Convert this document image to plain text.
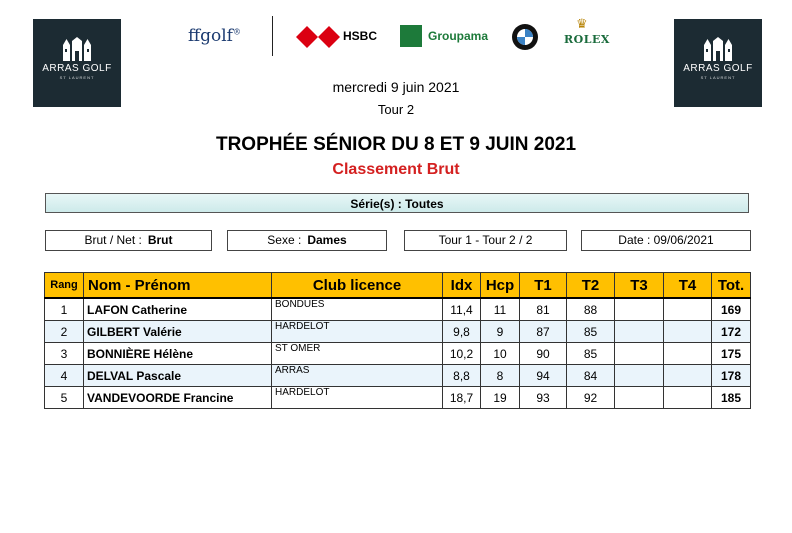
ARRAS GOLF
ST LAURENT
ARRAS GOLF
ST LAURENT
ffgolf®	HSBC	Groupama
♛
ROLEX
mercredi 9 juin 2021
Tour 2
TROPHÉE SÉNIOR DU 8 ET 9 JUIN 2021
Classement Brut
Série(s) : Toutes
Brut / Net : Brut	Sexe : Dames	Tour 1 - Tour 2 / 2	Date : 09/06/2021
Rang	Nom - Prénom	Club licence	Idx	Hcp	T1	T2	T3	T4	Tot.
1	LAFON Catherine	BONDUES	11,4	11	81	88			169
2	GILBERT Valérie	HARDELOT	9,8	9	87	85			172
3	BONNIÈRE Hélène	ST OMER	10,2	10	90	85			175
4	DELVAL Pascale	ARRAS	8,8	8	94	84			178
5	VANDEVOORDE Francine	HARDELOT	18,7	19	93	92			185
